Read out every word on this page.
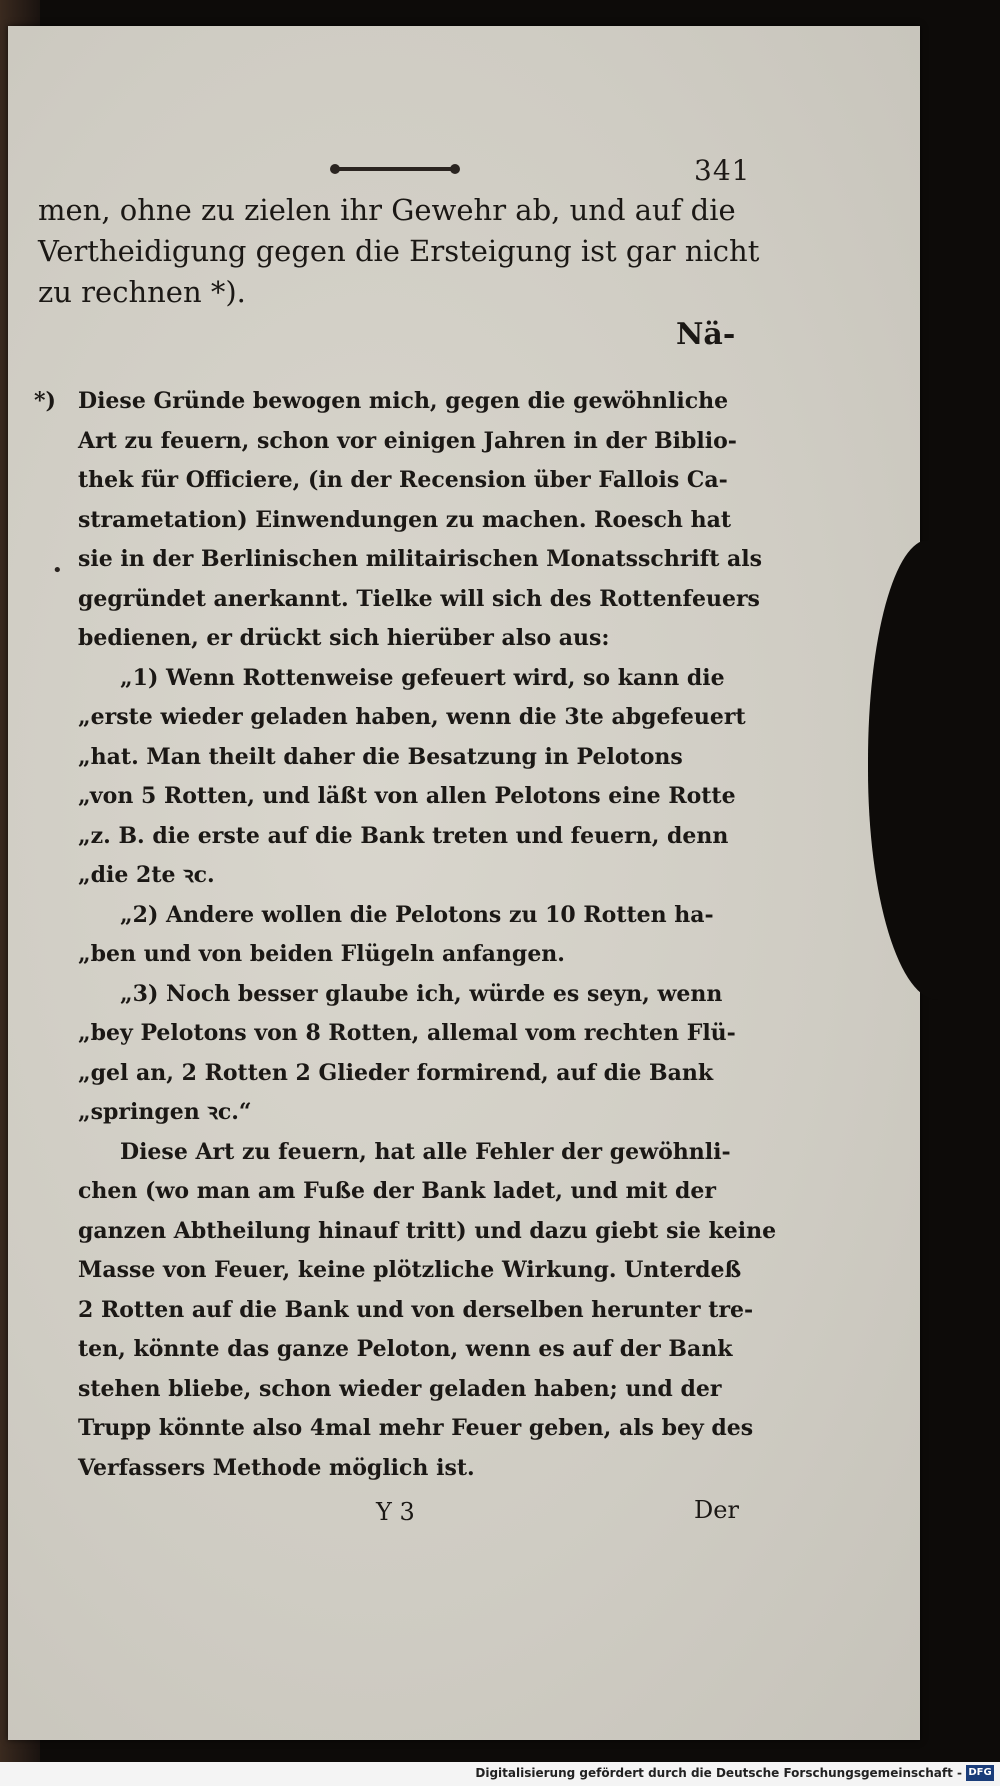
341
men, ohne zu zielen ihr Gewehr ab, und auf die
Vertheidigung gegen die Ersteigung ist gar nicht
zu rechnen *).
Nä-
•
*) Diese Gründe bewogen mich, gegen die gewöhnliche
Art zu feuern, schon vor einigen Jahren in der Biblio-
thek für Officiere, (in der Recension über Fallois Ca-
strametation) Einwendungen zu machen. Roesch hat
sie in der Berlinischen militairischen Monatsschrift als
gegründet anerkannt. Tielke will sich des Rottenfeuers
bedienen, er drückt sich hierüber also aus:
„1) Wenn Rottenweise gefeuert wird, so kann die
„erste wieder geladen haben, wenn die 3te abgefeuert
„hat. Man theilt daher die Besatzung in Pelotons
„von 5 Rotten, und läßt von allen Pelotons eine Rotte
„z. B. die erste auf die Bank treten und feuern, denn
„die 2te ꝛc.
„2) Andere wollen die Pelotons zu 10 Rotten ha-
„ben und von beiden Flügeln anfangen.
„3) Noch besser glaube ich, würde es seyn, wenn
„bey Pelotons von 8 Rotten, allemal vom rechten Flü-
„gel an, 2 Rotten 2 Glieder formirend, auf die Bank
„springen ꝛc.“
Diese Art zu feuern, hat alle Fehler der gewöhnli-
chen (wo man am Fuße der Bank ladet, und mit der
ganzen Abtheilung hinauf tritt) und dazu giebt sie keine
Masse von Feuer, keine plötzliche Wirkung. Unterdeß
2 Rotten auf die Bank und von derselben herunter tre-
ten, könnte das ganze Peloton, wenn es auf der Bank
stehen bliebe, schon wieder geladen haben; und der
Trupp könnte also 4mal mehr Feuer geben, als bey des
Verfassers Methode möglich ist.
Y 3	Der
Digitalisierung gefördert durch die Deutsche Forschungsgemeinschaft - DFG
